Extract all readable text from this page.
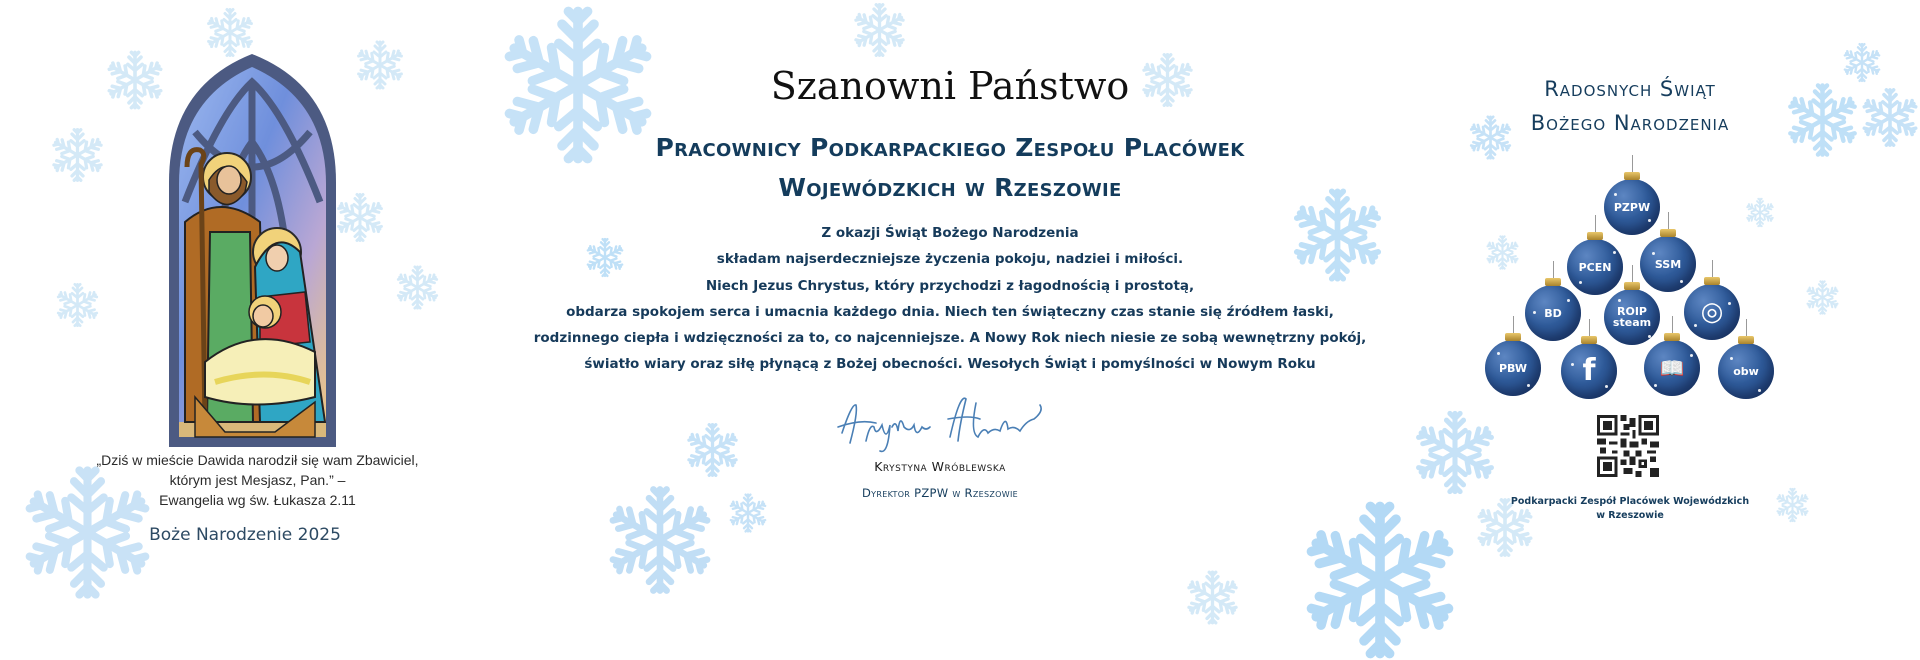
„Dziś w mieście Dawida narodził się wam Zbawiciel,
którym jest Mesjasz, Pan.” –
Ewangelia wg św. Łukasza 2.11
Boże Narodzenie 2025
Szanowni Państwo
Pracownicy Podkarpackiego Zespołu Placówek
Wojewódzkich w Rzeszowie
Z okazji Świąt Bożego Narodzenia
składam najserdeczniejsze życzenia pokoju, nadziei i miłości.
Niech Jezus Chrystus, który przychodzi z łagodnością i prostotą,
obdarza spokojem serca i umacnia każdego dnia. Niech ten świąteczny czas stanie się źródłem łaski,
rodzinnego ciepła i wdzięczności za to, co najcenniejsze. A Nowy Rok niech niesie ze sobą wewnętrzny pokój,
światło wiary oraz siłę płynącą z Bożej obecności. Wesołych Świąt i pomyślności w Nowym Roku
Krystyna Wróblewska
Dyrektor PZPW w Rzeszowie
Radosnych Świąt
Bożego Narodzenia
PZPW
PCEN	SSM
BD	ROIP steam	◎
PBW f	📖	obw
Podkarpacki Zespół Placówek Wojewódzkich
w Rzeszowie
